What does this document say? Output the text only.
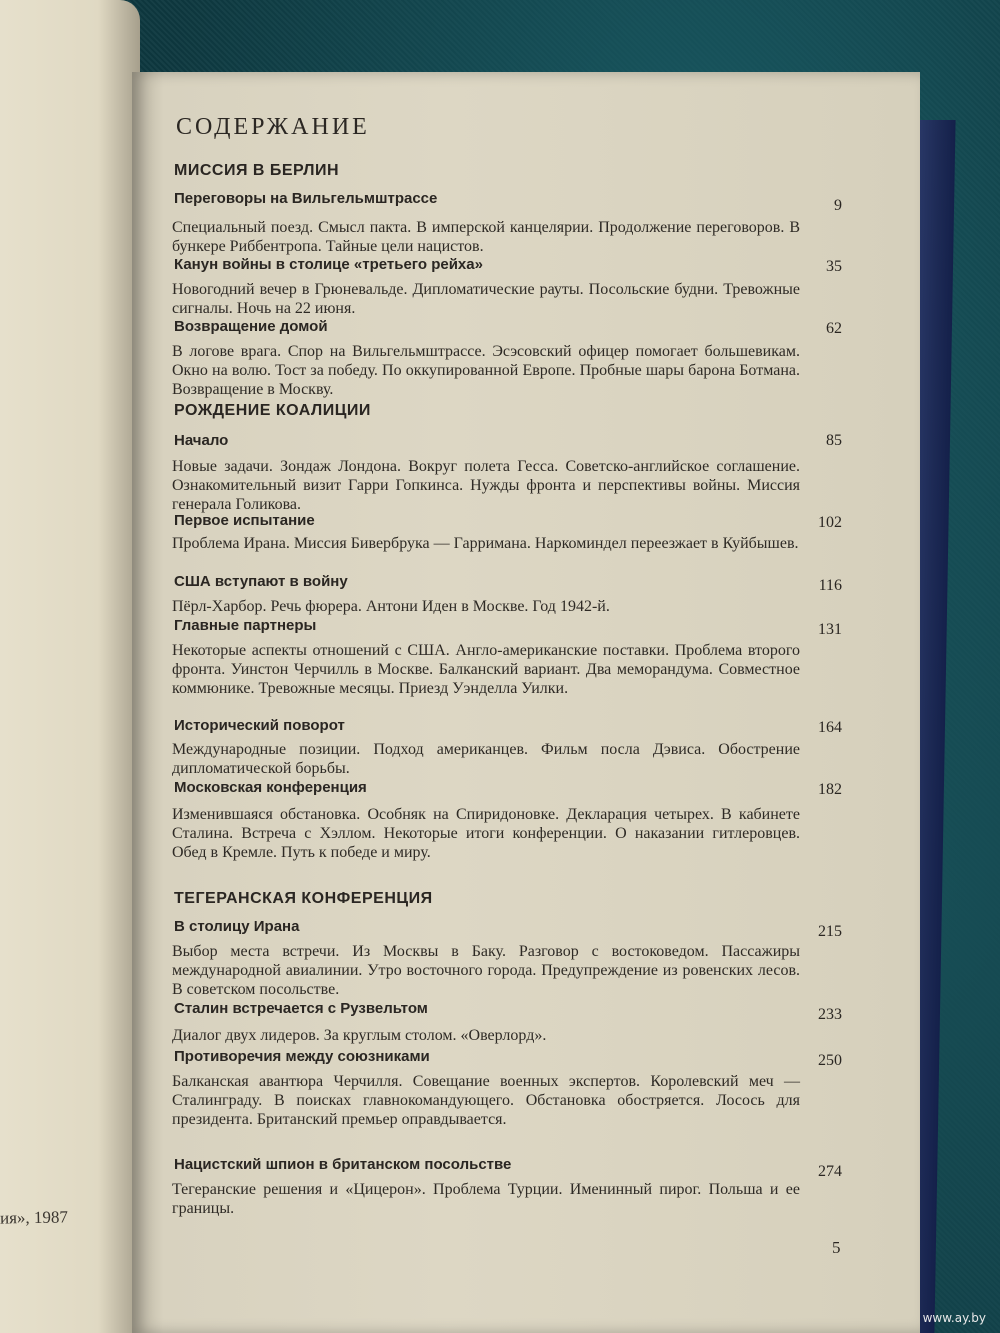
ия», 1987
СОДЕРЖАНИЕ
МИССИЯ В БЕРЛИН
Переговоры на Вильгельмштрассе	9
Специальный поезд. Смысл пакта. В имперской канцелярии. Продолжение переговоров. В бункере Риббентропа. Тайные цели нацистов.
Канун войны в столице «третьего рейха»	35
Новогодний вечер в Грюневальде. Дипломатические рауты. Посольские будни. Тревожные сигналы. Ночь на 22 июня.
Возвращение домой	62
В логове врага. Спор на Вильгельмштрассе. Эсэсовский офицер помогает большевикам. Окно на волю. Тост за победу. По оккупированной Европе. Пробные шары барона Ботмана. Возвращение в Москву.
РОЖДЕНИЕ КОАЛИЦИИ
Начало	85
Новые задачи. Зондаж Лондона. Вокруг полета Гесса. Советско-английское соглашение. Ознакомительный визит Гарри Гопкинса. Нужды фронта и перспективы войны. Миссия генерала Голикова.
Первое испытание	102
Проблема Ирана. Миссия Бивербрука — Гарримана. Наркоминдел переезжает в Куйбышев.
США вступают в войну	116
Пёрл-Харбор. Речь фюрера. Антони Иден в Москве. Год 1942-й.
Главные партнеры	131
Некоторые аспекты отношений с США. Англо-американские поставки. Проблема второго фронта. Уинстон Черчилль в Москве. Балканский вариант. Два меморандума. Совместное коммюнике. Тревожные месяцы. Приезд Уэнделла Уилки.
Исторический поворот	164
Международные позиции. Подход американцев. Фильм посла Дэвиса. Обострение дипломатической борьбы.
Московская конференция	182
Изменившаяся обстановка. Особняк на Спиридоновке. Декларация четырех. В кабинете Сталина. Встреча с Хэллом. Некоторые итоги конференции. О наказании гитлеровцев. Обед в Кремле. Путь к победе и миру.
ТЕГЕРАНСКАЯ КОНФЕРЕНЦИЯ
В столицу Ирана	215
Выбор места встречи. Из Москвы в Баку. Разговор с востоковедом. Пассажиры международной авиалинии. Утро восточного города. Предупреждение из ровенских лесов. В советском посольстве.
Сталин встречается с Рузвельтом	233
Диалог двух лидеров. За круглым столом. «Оверлорд».
Противоречия между союзниками	250
Балканская авантюра Черчилля. Совещание военных экспертов. Королевский меч — Сталинграду. В поисках главнокомандующего. Обстановка обостряется. Лосось для президента. Британский премьер оправдывается.
Нацистский шпион в британском посольстве	274
Тегеранские решения и «Цицерон». Проблема Турции. Именинный пирог. Польша и ее границы.
5
www.ay.by
